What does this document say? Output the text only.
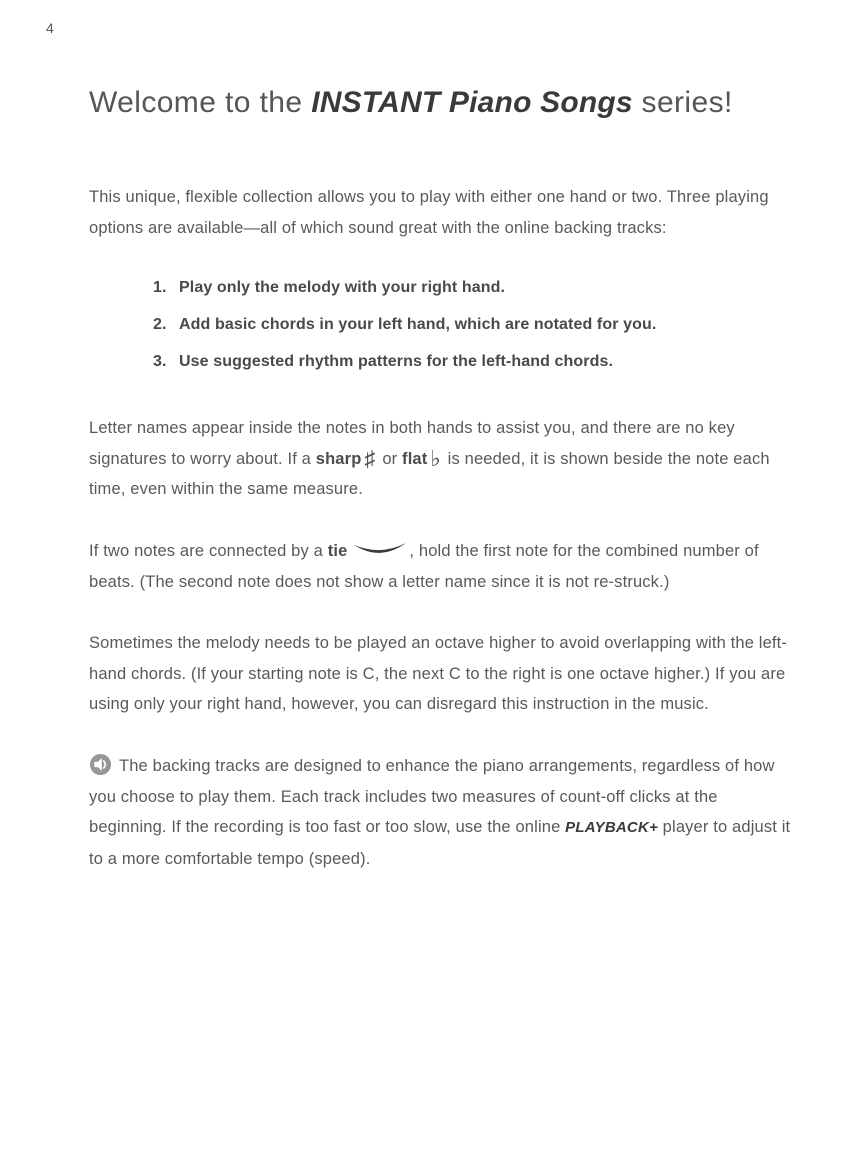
4
Welcome to the INSTANT Piano Songs series!

This unique, flexible collection allows you to play with either one hand or two. Three playing options are available—all of which sound great with the online backing tracks:

1. Play only the melody with your right hand.
2. Add basic chords in your left hand, which are notated for you.
3. Use suggested rhythm patterns for the left-hand chords.

Letter names appear inside the notes in both hands to assist you, and there are no key signatures to worry about. If a sharp ♯ or flat ♭ is needed, it is shown beside the note each time, even within the same measure.

If two notes are connected by a tie	, hold the first note for the combined number of beats. (The second note does not show a letter name since it is not re-struck.)

Sometimes the melody needs to be played an octave higher to avoid overlapping with the left-hand chords. (If your starting note is C, the next C to the right is one octave higher.) If you are using only your right hand, however, you can disregard this instruction in the music.

The backing tracks are designed to enhance the piano arrangements, regardless of how you choose to play them. Each track includes two measures of count-off clicks at the beginning. If the recording is too fast or too slow, use the online PLAYBACK+ player to adjust it to a more comfortable tempo (speed).
